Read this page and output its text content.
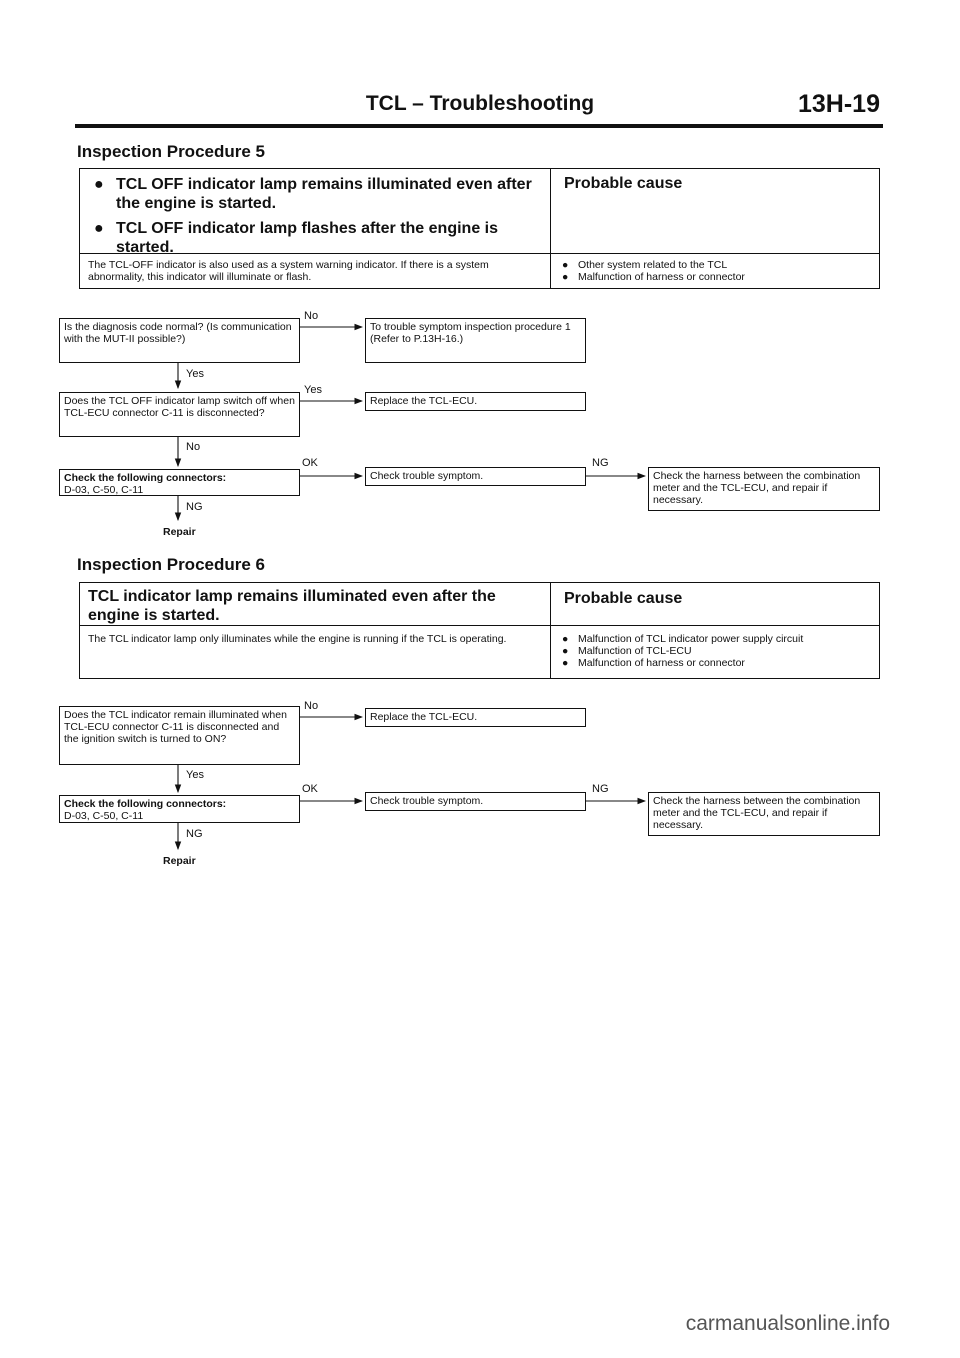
TCL – Troubleshooting	13H-19
Inspection Procedure 5
● TCL OFF indicator lamp remains illuminated even after the engine is started.
● TCL OFF indicator lamp flashes after the engine is started.
Probable cause
The TCL-OFF indicator is also used as a system warning indicator. If there is a system abnormality, this indicator will illuminate or flash.
● Other system related to the TCL
● Malfunction of harness or connector
Is the diagnosis code normal? (Is communication with the MUT-II possible?)
No
To trouble symptom inspection procedure 1 (Refer to P.13H-16.)
Yes
Does the TCL OFF indicator lamp switch off when TCL-ECU connector C-11 is disconnected?
Yes
Replace the TCL-ECU.
No
Check the following connectors:
D-03, C-50, C-11
OK
Check trouble symptom.
NG
Check the harness between the combination meter and the TCL-ECU, and repair if necessary.
NG
Repair
Inspection Procedure 6
TCL indicator lamp remains illuminated even after the engine is started.
Probable cause
The TCL indicator lamp only illuminates while the engine is running if the TCL is operating.	● Malfunction of TCL indicator power supply circuit
● Malfunction of TCL-ECU
● Malfunction of harness or connector
Does the TCL indicator remain illuminated when TCL-ECU connector C-11 is disconnected and the ignition switch is turned to ON?
No
Replace the TCL-ECU.
Yes
Check the following connectors:
D-03, C-50, C-11
OK
Check trouble symptom.
NG
Check the harness between the combination meter and the TCL-ECU, and repair if necessary.
NG
Repair
carmanualsonline.info
